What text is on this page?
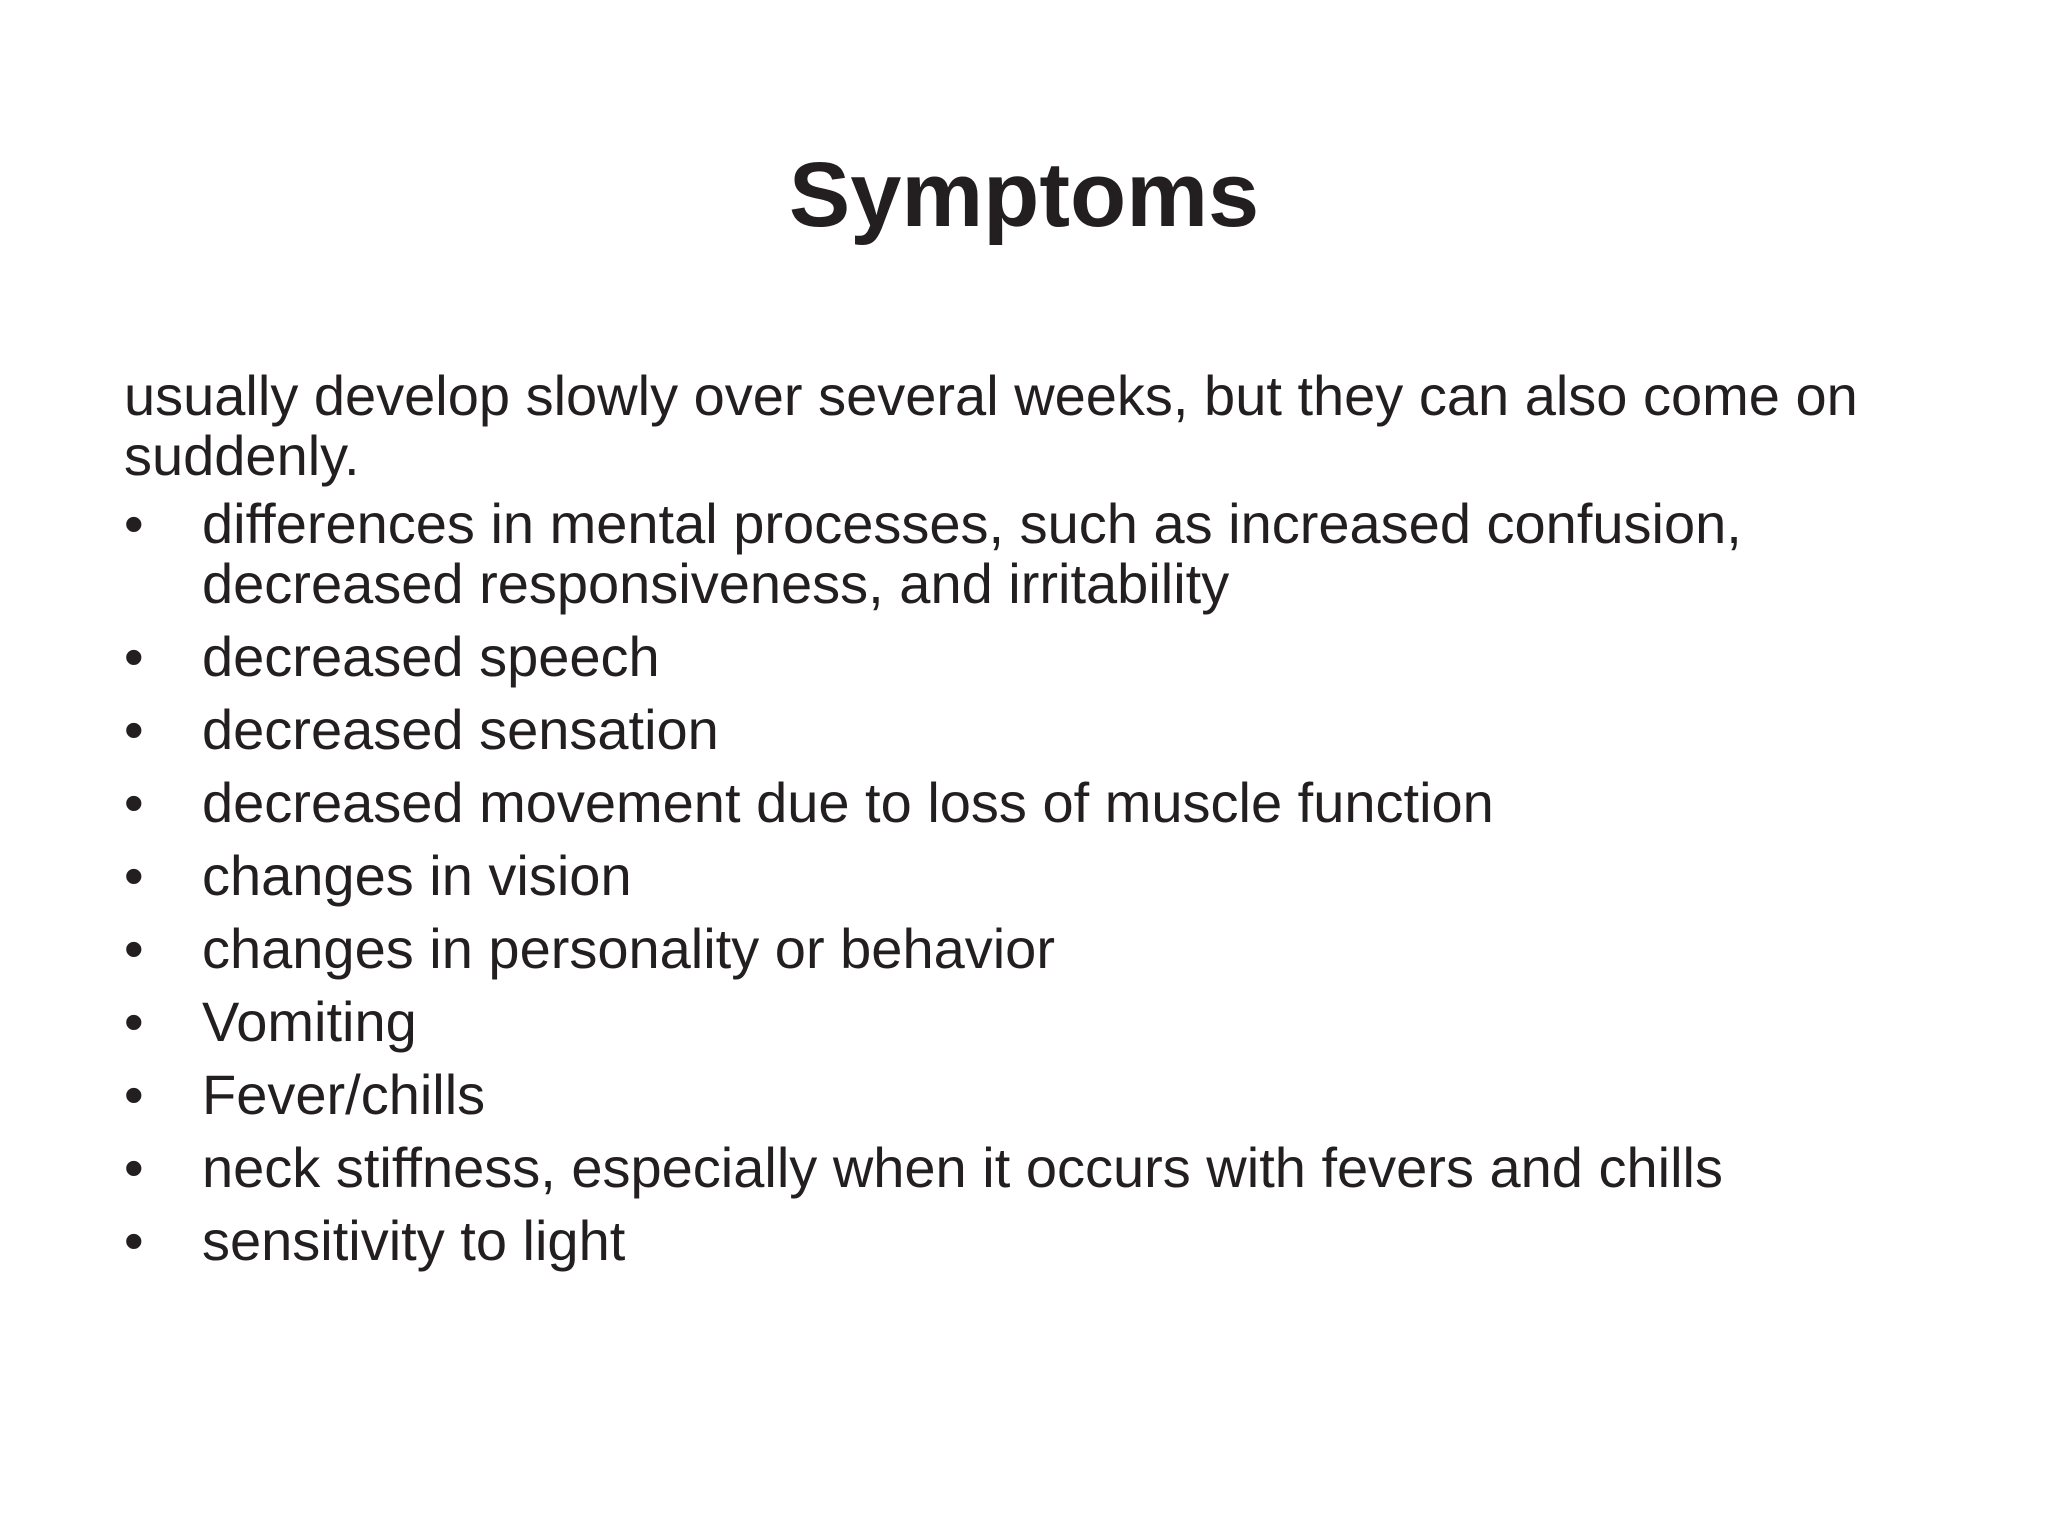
Symptoms

usually develop slowly over several weeks, but they can also come on suddenly.

•	differences in mental processes, such as increased confusion, decreased responsiveness, and irritability
•	decreased speech
•	decreased sensation
•	decreased movement due to loss of muscle function
•	changes in vision
•	changes in personality or behavior
•	Vomiting
•	Fever/chills
•	neck stiffness, especially when it occurs with fevers and chills
•	sensitivity to light
